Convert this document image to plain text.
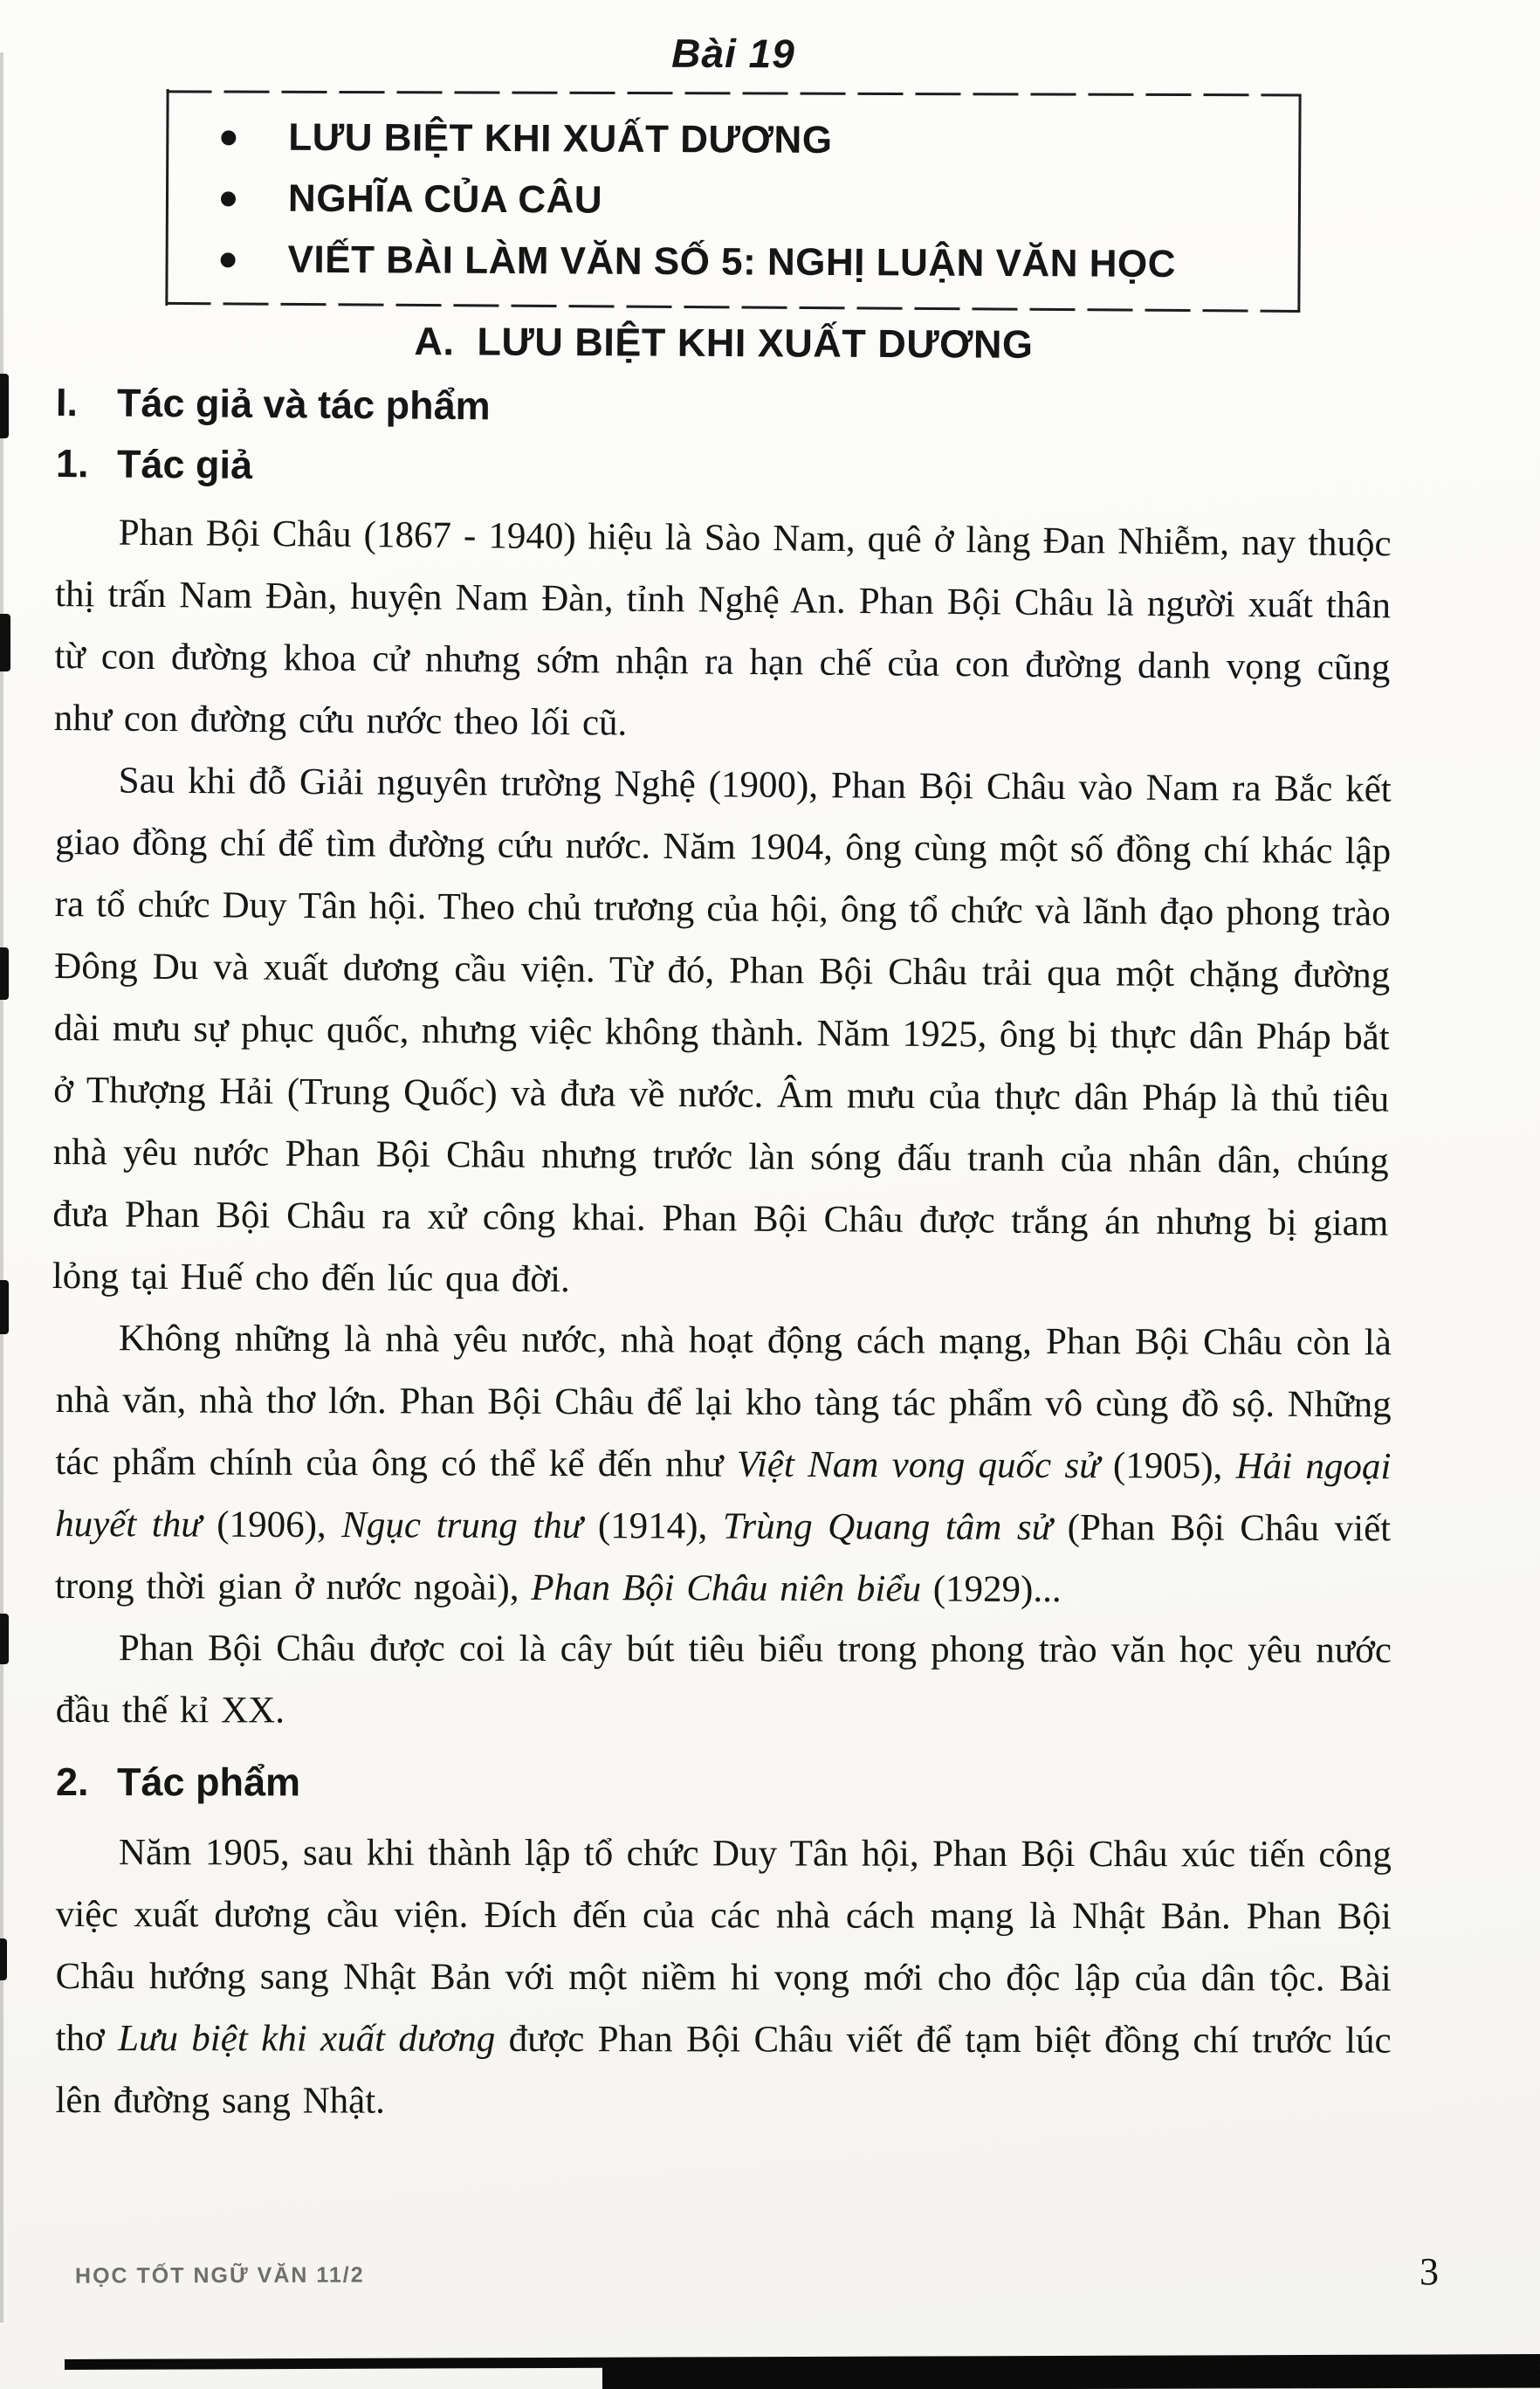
Bài 19
LƯU BIỆT KHI XUẤT DƯƠNG
NGHĨA CỦA CÂU
VIẾT BÀI LÀM VĂN SỐ 5: NGHỊ LUẬN VĂN HỌC
A. LƯU BIỆT KHI XUẤT DƯƠNG
I. Tác giả và tác phẩm
1. Tác giả

Phan Bội Châu (1867 - 1940) hiệu là Sào Nam, quê ở làng Đan Nhiễm, nay thuộc thị trấn Nam Đàn, huyện Nam Đàn, tỉnh Nghệ An. Phan Bội Châu là người xuất thân từ con đường khoa cử nhưng sớm nhận ra hạn chế của con đường danh vọng cũng như con đường cứu nước theo lối cũ.

Sau khi đỗ Giải nguyên trường Nghệ (1900), Phan Bội Châu vào Nam ra Bắc kết giao đồng chí để tìm đường cứu nước. Năm 1904, ông cùng một số đồng chí khác lập ra tổ chức Duy Tân hội. Theo chủ trương của hội, ông tổ chức và lãnh đạo phong trào Đông Du và xuất dương cầu viện. Từ đó, Phan Bội Châu trải qua một chặng đường dài mưu sự phục quốc, nhưng việc không thành. Năm 1925, ông bị thực dân Pháp bắt ở Thượng Hải (Trung Quốc) và đưa về nước. Âm mưu của thực dân Pháp là thủ tiêu nhà yêu nước Phan Bội Châu nhưng trước làn sóng đấu tranh của nhân dân, chúng đưa Phan Bội Châu ra xử công khai. Phan Bội Châu được trắng án nhưng bị giam lỏng tại Huế cho đến lúc qua đời.

Không những là nhà yêu nước, nhà hoạt động cách mạng, Phan Bội Châu còn là nhà văn, nhà thơ lớn. Phan Bội Châu để lại kho tàng tác phẩm vô cùng đồ sộ. Những tác phẩm chính của ông có thể kể đến như Việt Nam vong quốc sử (1905), Hải ngoại huyết thư (1906), Ngục trung thư (1914), Trùng Quang tâm sử (Phan Bội Châu viết trong thời gian ở nước ngoài), Phan Bội Châu niên biểu (1929)...

Phan Bội Châu được coi là cây bút tiêu biểu trong phong trào văn học yêu nước đầu thế kỉ XX.

2. Tác phẩm

Năm 1905, sau khi thành lập tổ chức Duy Tân hội, Phan Bội Châu xúc tiến công việc xuất dương cầu viện. Đích đến của các nhà cách mạng là Nhật Bản. Phan Bội Châu hướng sang Nhật Bản với một niềm hi vọng mới cho độc lập của dân tộc. Bài thơ Lưu biệt khi xuất dương được Phan Bội Châu viết để tạm biệt đồng chí trước lúc lên đường sang Nhật.

HỌC TỐT NGỮ VĂN 11/2	3
